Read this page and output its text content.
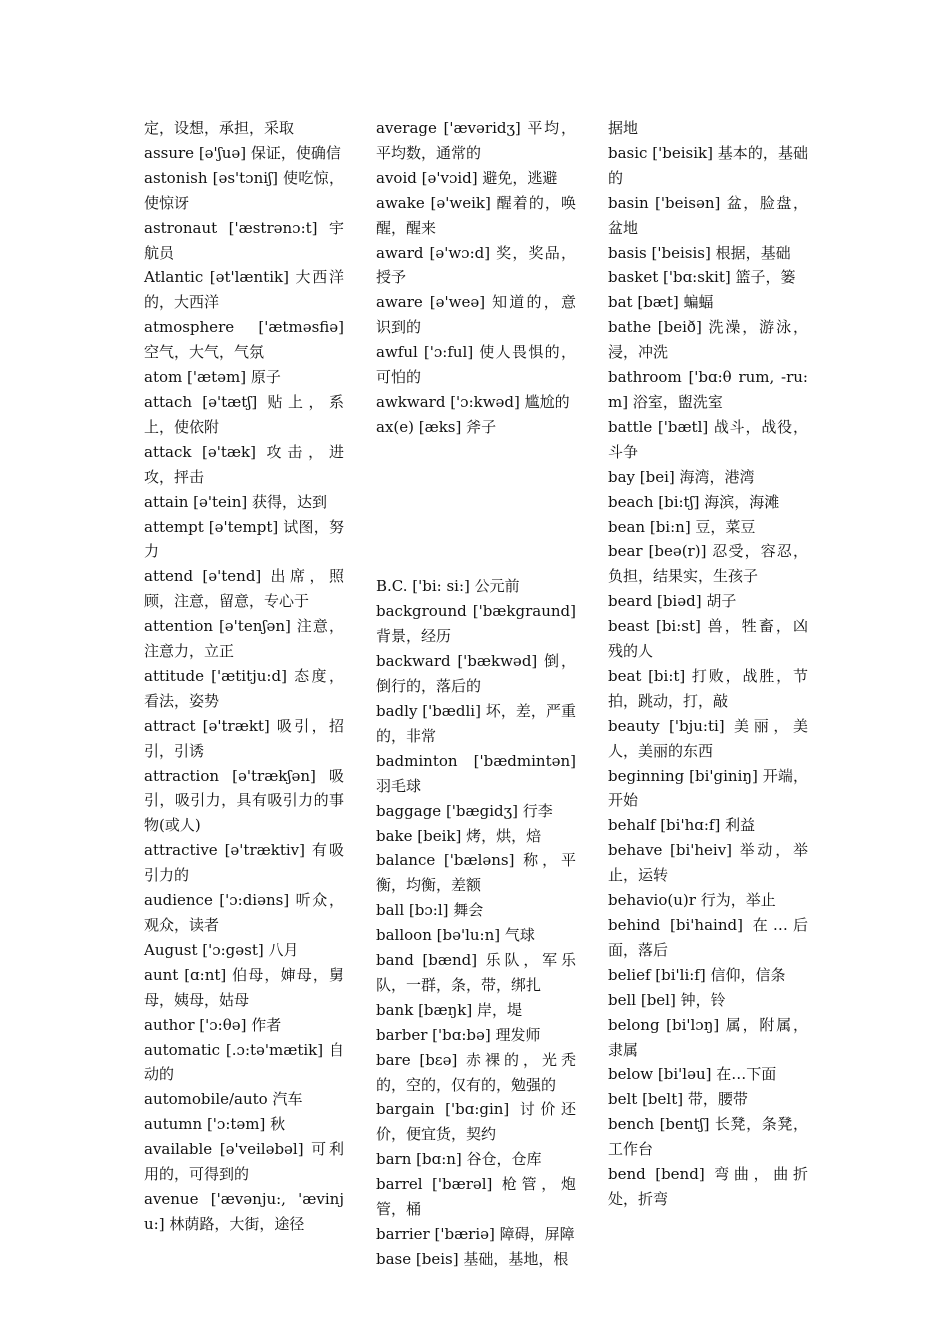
定，设想，承担，采取

assure [ə'ʃuə] 保证，使确信

astonish [əs'tɔniʃ] 使吃惊，使惊讶

astronaut ['æstrənɔ:t] 宇航员

Atlantic [ət'læntik] 大西洋的，大西洋

atmosphere ['ætməsfiə] 空气，大气，气氛

atom ['ætəm] 原子

attach [ə'tætʃ] 贴上，系上，使依附

attack [ə'tæk] 攻击，进攻，抨击

attain [ə'tein] 获得，达到

attempt [ə'tempt] 试图，努力

attend [ə'tend] 出席，照顾，注意，留意，专心于

attention [ə'tenʃən] 注意，注意力，立正

attitude ['ætitju:d] 态度，看法，姿势

attract [ə'trækt] 吸引，招引，引诱

attraction [ə'trækʃən] 吸引，吸引力，具有吸引力的事物(或人)

attractive [ə'træktiv] 有吸引力的

audience ['ɔ:diəns] 听众，观众，读者

August ['ɔ:gəst] 八月

aunt [ɑ:nt] 伯母，婶母，舅母，姨母，姑母

author ['ɔ:θə] 作者

automatic [.ɔ:tə'mætik] 自动的

automobile/auto 汽车

autumn ['ɔ:təm] 秋

available [ə'veiləbəl] 可利用的，可得到的

avenue ['ævənju:, 'ævinju:] 林荫路，大街，途径

average ['ævəridʒ] 平均，平均数，通常的

avoid [ə'vɔid] 避免，逃避

awake [ə'weik] 醒着的，唤醒，醒来

award [ə'wɔ:d] 奖，奖品，授予

aware [ə'weə] 知道的，意识到的

awful ['ɔ:ful] 使人畏惧的，可怕的

awkward ['ɔ:kwəd] 尴尬的

ax(e) [æks] 斧子

B.C. ['bi: si:] 公元前

background ['bækgraund] 背景，经历

backward ['bækwəd] 倒，倒行的，落后的

badly ['bædli] 坏，差，严重的，非常

badminton ['bædmintən] 羽毛球

baggage ['bægidʒ] 行李

bake [beik] 烤，烘，焙

balance ['bæləns] 称，平衡，均衡，差额

ball [bɔ:l] 舞会

balloon [bə'lu:n] 气球

band [bænd] 乐队，军乐队，一群，条，带，绑扎

bank [bæŋk] 岸，堤

barber ['bɑ:bə] 理发师

bare [bɛə] 赤裸的，光秃的，空的，仅有的，勉强的

bargain ['bɑ:gin] 讨价还价，便宜货，契约

barn [bɑ:n] 谷仓，仓库

barrel ['bærəl] 枪管，炮管，桶

barrier ['bæriə] 障碍，屏障

base [beis] 基础，基地，根

据地

basic ['beisik] 基本的，基础的

basin ['beisən] 盆，脸盘，盆地

basis ['beisis] 根据，基础

basket ['bɑ:skit] 篮子，篓

bat [bæt] 蝙蝠

bathe [beið] 洗澡，游泳，浸，冲洗

bathroom ['bɑ:θ rum, -ru:m] 浴室，盥洗室

battle ['bætl] 战斗，战役，斗争

bay [bei] 海湾，港湾

beach [bi:tʃ] 海滨，海滩

bean [bi:n] 豆，菜豆

bear [beə(r)] 忍受，容忍，负担，结果实，生孩子

beard [biəd] 胡子

beast [bi:st] 兽，牲畜，凶残的人

beat [bi:t] 打败，战胜，节拍，跳动，打，敲

beauty ['bju:ti] 美丽，美人，美丽的东西

beginning [bi'giniŋ] 开端，开始

behalf [bi'hɑ:f] 利益

behave [bi'heiv] 举动，举止，运转

behavio(u)r 行为，举止

behind [bi'haind] 在…后面，落后

belief [bi'li:f] 信仰，信条

bell [bel] 钟，铃

belong [bi'lɔŋ] 属，附属，隶属

below [bi'ləu] 在…下面

belt [belt] 带，腰带

bench [bentʃ] 长凳，条凳，工作台

bend [bend] 弯曲，曲折处，折弯
